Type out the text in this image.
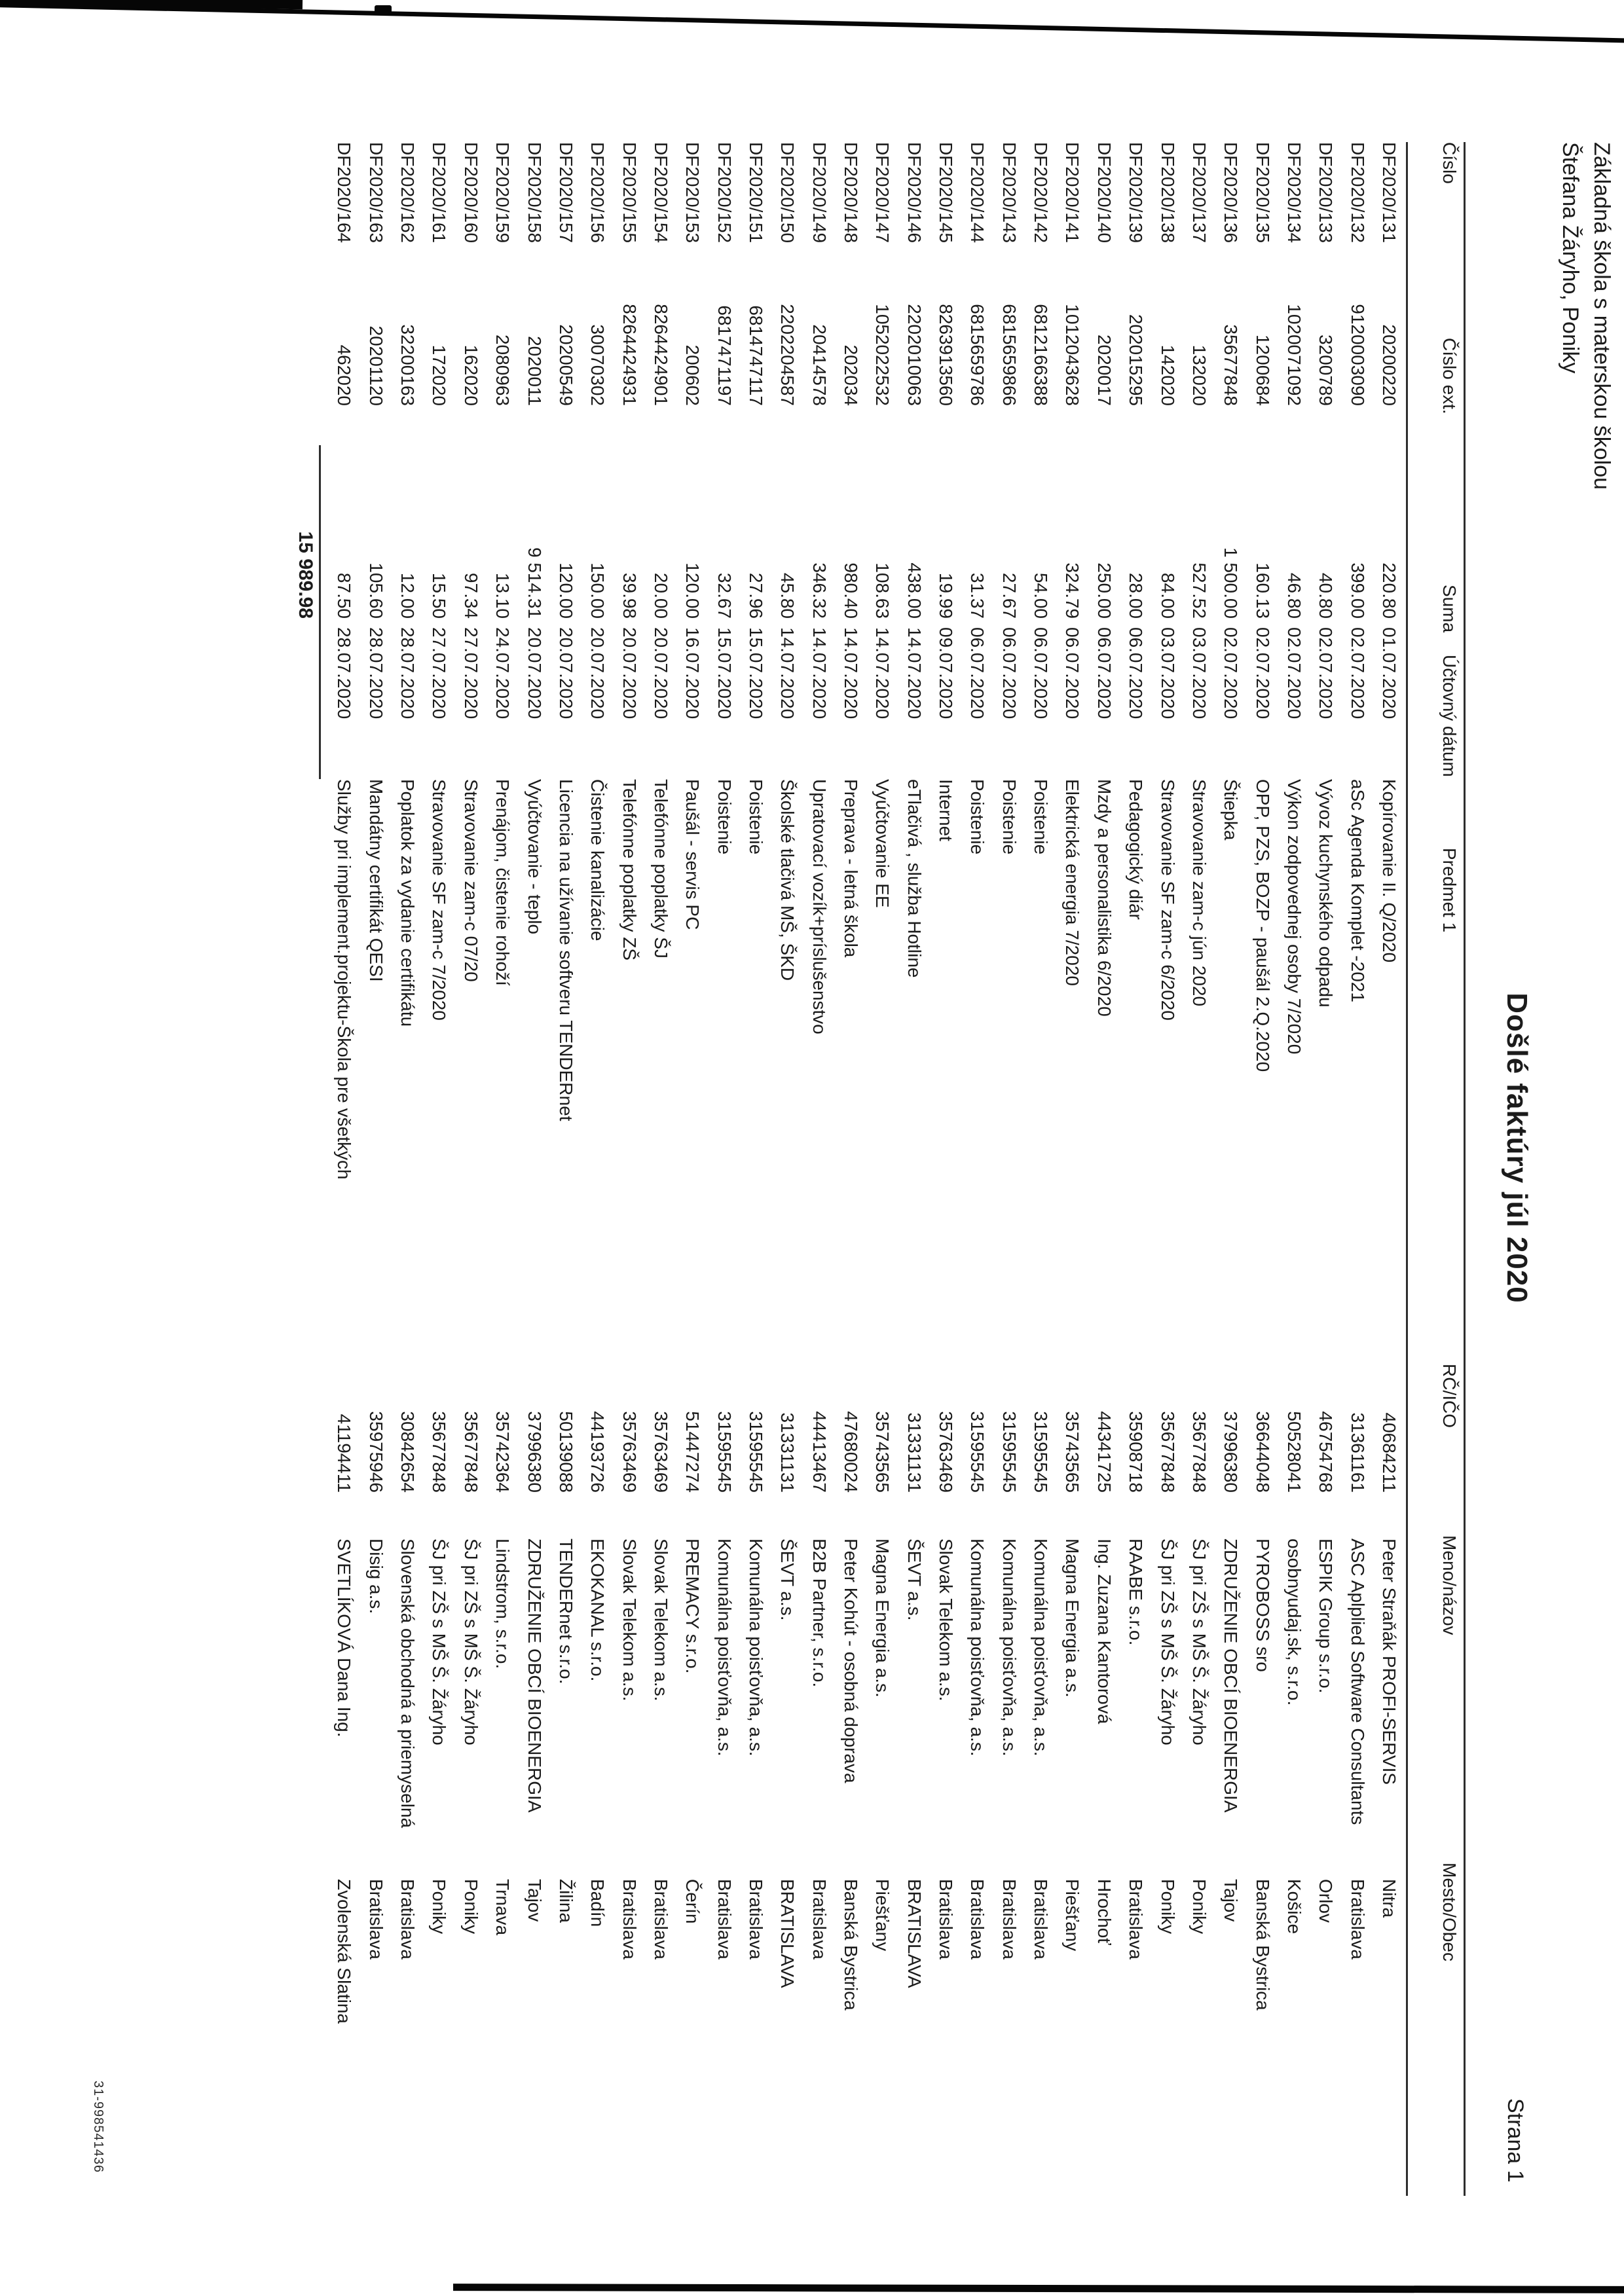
Základná škola s materskou školou
Štefana Žáryho, Poniky
Došlé faktúry júl 2020
Strana 1
Číslo
Číslo ext.
Suma
Účtovný dátum
Predmet 1
RČ/IČO
Meno/názov
Mesto/Obec
DF2020/131
20200220
220.80
01.07.2020
Kopírovanie II. Q/2020
40684211
Peter Straňák PROFI-SERVIS
Nitra
DF2020/132
9120003090
399.00
02.07.2020
aSc Agenda Komplet -2021
31361161
ASC Aplplied Software Consultants
Bratislava
DF2020/133
3200789
40.80
02.07.2020
Vývoz kuchynského odpadu
46754768
ESPIK Group s.r.o.
Orlov
DF2020/134
1020071092
46.80
02.07.2020
Výkon zodpovednej osoby 7/2020
50528041
osobnyudaj.sk, s.r.o.
Košice
DF2020/135
1200684
160.13
02.07.2020
OPP, PZS, BOZP - paušál 2.Q.2020
36644048
PYROBOSS sro
Banská Bystrica
DF2020/136
35677848
1 500.00
02.07.2020
Štiepka
37996380
ZDRUŽENIE OBCÍ BIOENERGIA
Tajov
DF2020/137
132020
527.52
03.07.2020
Stravovanie zam-c jún 2020
35677848
ŠJ pri ZŠ s MŠ Š. Žáryho
Poniky
DF2020/138
142020
84.00
03.07.2020
Stravovanie SF zam-c 6/2020
35677848
ŠJ pri ZŠ s MŠ Š. Žáryho
Poniky
DF2020/139
202015295
28.00
06.07.2020
Pedagogický diár
35908718
RAABE s.r.o.
Bratislava
DF2020/140
2020017
250.00
06.07.2020
Mzdy a personalistika 6/2020
44341725
Ing. Zuzana Kantorová
Hrochoť
DF2020/141
1012043628
324.79
06.07.2020
Elektrická energia 7/2020
35743565
Magna Energia a.s.
Piešťany
DF2020/142
6812166388
54.00
06.07.2020
Poistenie
31595545
Komunálna poisťovňa, a.s.
Bratislava
DF2020/143
6815659866
27.67
06.07.2020
Poistenie
31595545
Komunálna poisťovňa, a.s.
Bratislava
DF2020/144
6815659786
31.37
06.07.2020
Poistenie
31595545
Komunálna poisťovňa, a.s.
Bratislava
DF2020/145
8263913560
19.99
09.07.2020
Internet
35763469
Slovak Telekom a.s.
Bratislava
DF2020/146
2202010063
438.00
14.07.2020
eTlačivá , služba Hotline
31331131
ŠEVT a.s.
BRATISLAVA
DF2020/147
1052022532
108.63
14.07.2020
Vyúčtovanie EE
35743565
Magna Energia a.s.
Piešťany
DF2020/148
202034
980.40
14.07.2020
Preprava - letná škola
47680024
Peter Kohút - osobná doprava
Banská Bystrica
DF2020/149
20414578
346.32
14.07.2020
Upratovací vozík+príslušenstvo
44413467
B2B Partner, s.r.o.
Bratislava
DF2020/150
2202204587
45.80
14.07.2020
Školské tlačivá MŠ, ŠKD
31331131
ŠEVT a.s.
BRATISLAVA
DF2020/151
6814747117
27.96
15.07.2020
Poistenie
31595545
Komunálna poisťovňa, a.s.
Bratislava
DF2020/152
6817471197
32.67
15.07.2020
Poistenie
31595545
Komunálna poisťovňa, a.s.
Bratislava
DF2020/153
200602
120.00
16.07.2020
Paušál - servis PC
51447274
PREMACY s.r.o.
Čerín
DF2020/154
8264424901
20.00
20.07.2020
Telefónne poplatky ŠJ
35763469
Slovak Telekom a.s.
Bratislava
DF2020/155
8264424931
39.98
20.07.2020
Telefónne poplatky ZŠ
35763469
Slovak Telekom a.s.
Bratislava
DF2020/156
30070302
150.00
20.07.2020
Čistenie kanalizácie
44193726
EKOKANAL s.r.o.
Badín
DF2020/157
20200549
120.00
20.07.2020
Licencia na užívanie softveru TENDERnet
50139088
TENDERnet s.r.o.
Žilina
DF2020/158
2020011
9 514.31
20.07.2020
Vyúčtovanie - teplo
37996380
ZDRUŽENIE OBCÍ BIOENERGIA
Tajov
DF2020/159
2080963
13.10
24.07.2020
Prenájom, čistenie rohoží
35742364
Lindstrom, s.r.o.
Trnava
DF2020/160
162020
97.34
27.07.2020
Stravovanie zam-c 07/20
35677848
ŠJ pri ZŠ s MŠ Š. Žáryho
Poniky
DF2020/161
172020
15.50
27.07.2020
Stravovanie SF zam-c 7/2020
35677848
ŠJ pri ZŠ s MŠ Š. Žáryho
Poniky
DF2020/162
32200163
12.00
28.07.2020
Poplatok za vydanie certifikátu
30842654
Slovenská obchodná a priemyselná
Bratislava
DF2020/163
20201120
105.60
28.07.2020
Mandátny certifikát QESI
35975946
Disig a.s.
Bratislava
DF2020/164
462020
87.50
28.07.2020
Služby pri implement.projektu-Škola pre všetkých
41194411
SVETLÍKOVÁ Dana Ing.
Zvolenská Slatina
15 989.98
31-998541436
